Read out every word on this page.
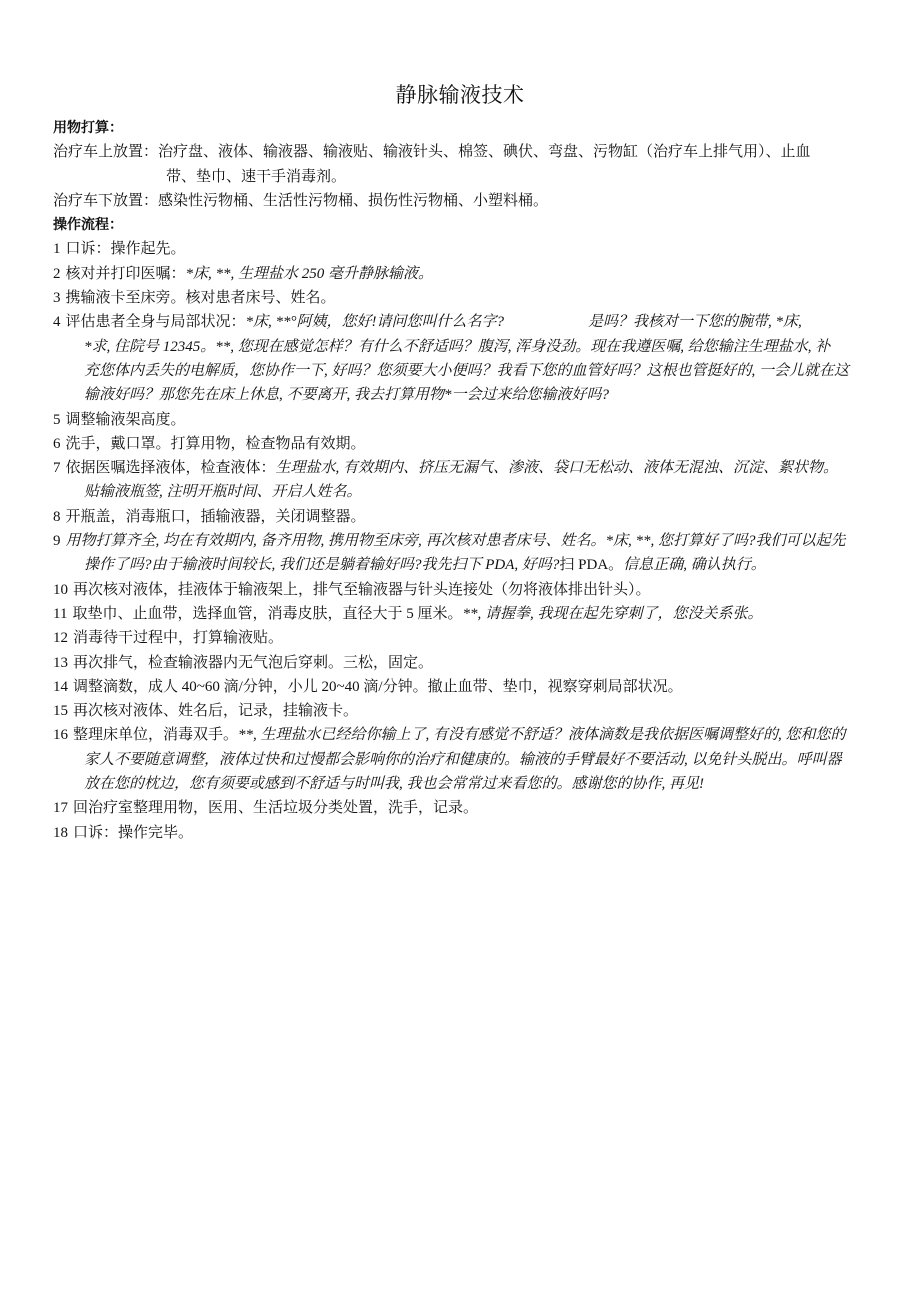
静脉输液技术
用物打算：
治疗车上放置： 治疗盘、液体、输液器、输液贴、输液针头、棉签、碘伏、弯盘、污物缸（治疗车上排气用）、止血
带、垫巾、速干手消毒剂。
治疗车下放置： 感染性污物桶、生活性污物桶、损伤性污物桶、小塑料桶。
操作流程：
1 口诉：操作起先。
2 核对并打印医嘱：*床, **, 生理盐水 250 毫升静脉输液。
3 携输液卡至床旁。核对患者床号、姓名。
4 评估患者全身与局部状况：*床, **°阿姨，您好!请问您叫什么名字?	是吗？我核对一下您的腕带, *床,
*求, 住院号 12345。**, 您现在感觉怎样？有什么不舒适吗？腹泻, 浑身没劲。现在我遵医嘱, 给您输注生理盐水, 补
充您体内丢失的电解质，您协作一下, 好吗？您须要大小便吗？我看下您的血管好吗？这根也管挺好的, 一会儿就在这
输液好吗？那您先在床上休息, 不要离开, 我去打算用物*一会过来给您输液好吗?
5 调整输液架高度。
6 洗手，戴口罩。打算用物，检查物品有效期。
7 依据医嘱选择液体，检查液体：生理盐水, 有效期内、挤压无漏气、渗液、袋口无松动、液体无混浊、沉淀、絮状物。
贴输液瓶签, 注明开瓶时间、开启人姓名。
8 开瓶盖，消毒瓶口，插输液器，关闭调整器。
9 用物打算齐全, 均在有效期内, 备齐用物, 携用物至床旁, 再次核对患者床号、姓名。*床, **, 您打算好了吗?我们可以起先
操作了吗?由于输液时间较长, 我们还是躺着输好吗?我先扫下 PDA, 好吗?扫 PDA。信息正确, 确认执行。
10 再次核对液体，挂液体于输液架上，排气至输液器与针头连接处（勿将液体排出针头）。
11 取垫巾、止血带，选择血管，消毒皮肤，直径大于 5 厘米。**, 请握拳, 我现在起先穿刺了，您没关系张。
12 消毒待干过程中，打算输液贴。
13 再次排气，检查输液器内无气泡后穿刺。三松，固定。
14 调整滴数，成人 40~60 滴/分钟，小儿 20~40 滴/分钟。撤止血带、垫巾，视察穿刺局部状况。
15 再次核对液体、姓名后，记录，挂输液卡。
16 整理床单位，消毒双手。**, 生理盐水已经给你输上了, 有没有感觉不舒适？液体滴数是我依据医嘱调整好的, 您和您的
家人不要随意调整，液体过快和过慢都会影响你的治疗和健康的。输液的手臂最好不要活动, 以免针头脱出。呼叫器
放在您的枕边，您有须要或感到不舒适与时叫我, 我也会常常过来看您的。感谢您的协作, 再见!
17 回治疗室整理用物，医用、生活垃圾分类处置，洗手，记录。
18 口诉：操作完毕。
